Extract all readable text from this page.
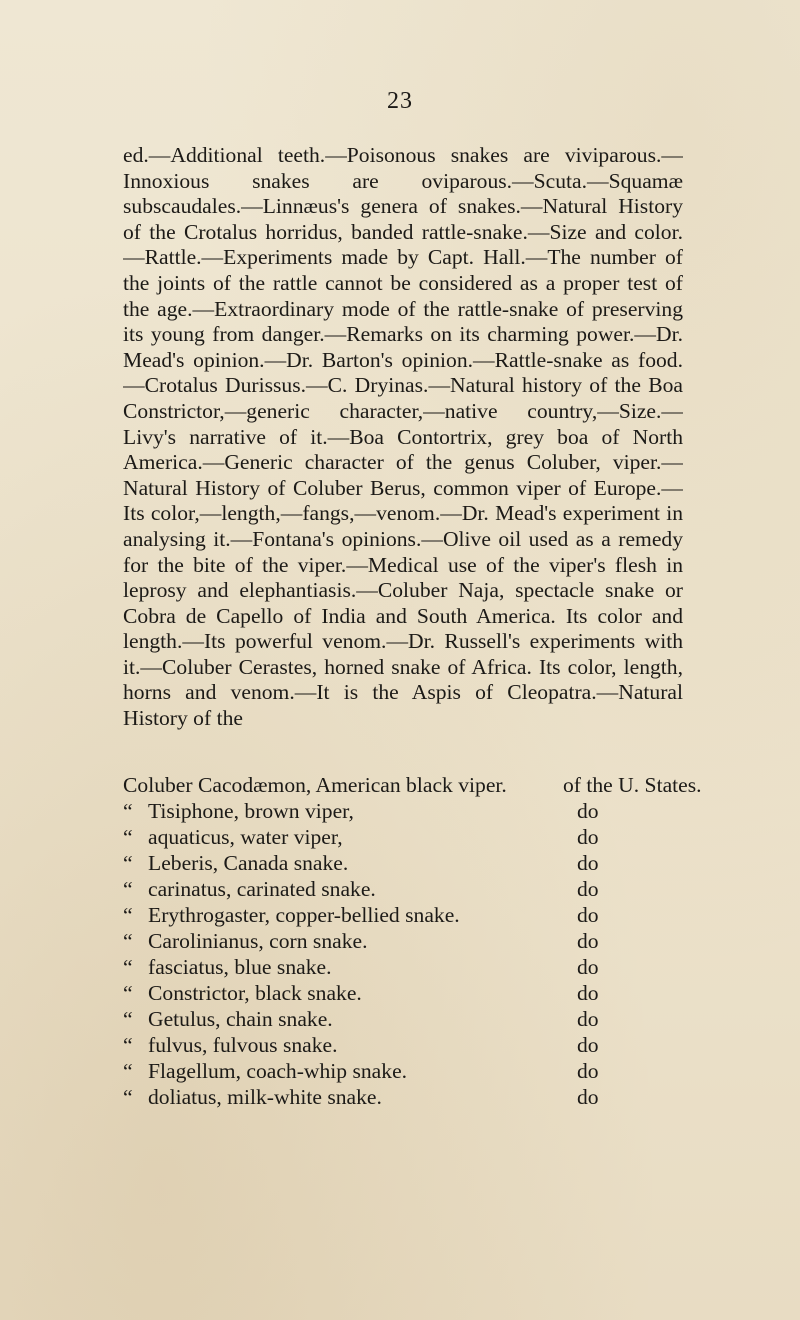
23

ed.—Additional teeth.—Poisonous snakes are viviparous.—Innoxious snakes are oviparous.—Scuta.—Squamæ subscaudales.—Linnæus's genera of snakes.—Natural History of the Crotalus horridus, banded rattle-snake.—Size and color.—Rattle.—Experiments made by Capt. Hall.—The number of the joints of the rattle cannot be considered as a proper test of the age.—Extraordinary mode of the rattle-snake of preserving its young from danger.—Remarks on its charming power.—Dr. Mead's opinion.—Dr. Barton's opinion.—Rattle-snake as food.—Crotalus Durissus.—C. Dryinas.—Natural history of the Boa Constrictor,—generic character,—native country,—Size.—Livy's narrative of it.—Boa Contortrix, grey boa of North America.—Generic character of the genus Coluber, viper.—Natural History of Coluber Berus, common viper of Europe.—Its color,—length,—fangs,—venom.—Dr. Mead's experiment in analysing it.—Fontana's opinions.—Olive oil used as a remedy for the bite of the viper.—Medical use of the viper's flesh in leprosy and elephantiasis.—Coluber Naja, spectacle snake or Cobra de Capello of India and South America. Its color and length.—Its powerful venom.—Dr. Russell's experiments with it.—Coluber Cerastes, horned snake of Africa. Its color, length, horns and venom.—It is the Aspis of Cleopatra.—Natural History of the

Coluber Cacodæmon, American black viper.	of the U. States.
“ Tisiphone, brown viper,	do
“ aquaticus, water viper,	do
“ Leberis, Canada snake.	do
“ carinatus, carinated snake.	do
“ Erythrogaster, copper-bellied snake.	do
“ Carolinianus, corn snake.	do
“ fasciatus, blue snake.	do
“ Constrictor, black snake.	do
“ Getulus, chain snake.	do
“ fulvus, fulvous snake.	do
“ Flagellum, coach-whip snake.	do
“ doliatus, milk-white snake.	do
